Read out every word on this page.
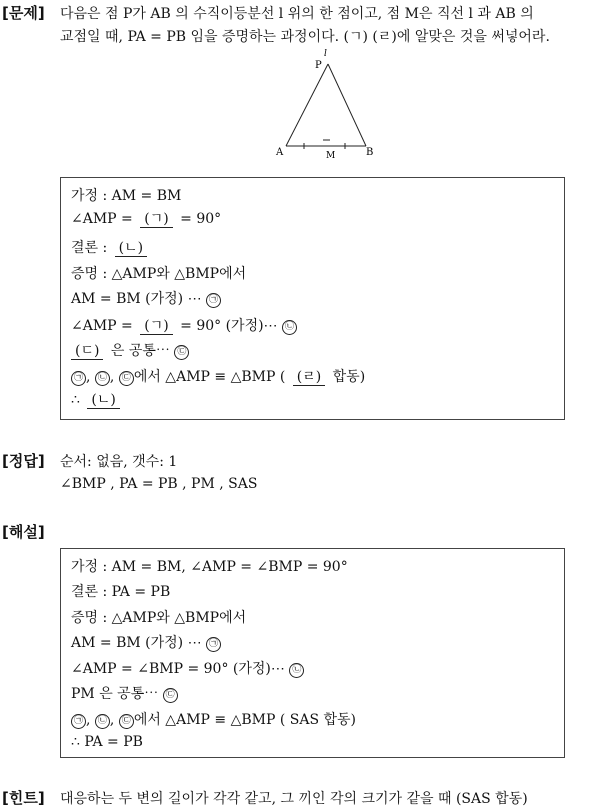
[문제] 다음은 점 P가 AB 의 수직이등분선 l 위의 한 점이고, 점 M은 직선 l 과 AB 의
교점일 때, PA = PB 임을 증명하는 과정이다. (ㄱ) (ㄹ)에 알맞은 것을 써넣어라.
l
P
A	B
M
가정 : AM = BM
∠AMP = (ㄱ) = 90°
결론 : (ㄴ)
증명 : △AMP와 △BMP에서
AM = BM (가정) ⋯ ㉠
∠AMP = (ㄱ) = 90° (가정)⋯ ㉡
(ㄷ) 은 공통⋯ ㉢
㉠ , ㉡ , ㉢ 에서 △AMP ≡ △BMP ( (ㄹ) 합동)
∴ (ㄴ)
[정답] 순서: 없음, 갯수: 1
∠BMP , PA = PB , PM , SAS
[해설]
가정 : AM = BM, ∠AMP = ∠BMP = 90°
결론 : PA = PB
증명 : △AMP와 △BMP에서
AM = BM (가정) ⋯ ㉠
∠AMP = ∠BMP = 90° (가정)⋯ ㉡
PM 은 공통⋯ ㉢
㉠ , ㉡ , ㉢ 에서 △AMP ≡ △BMP ( SAS 합동)
∴ PA = PB
[힌트] 대응하는 두 변의 길이가 각각 같고, 그 끼인 각의 크기가 같을 때 (SAS 합동)
